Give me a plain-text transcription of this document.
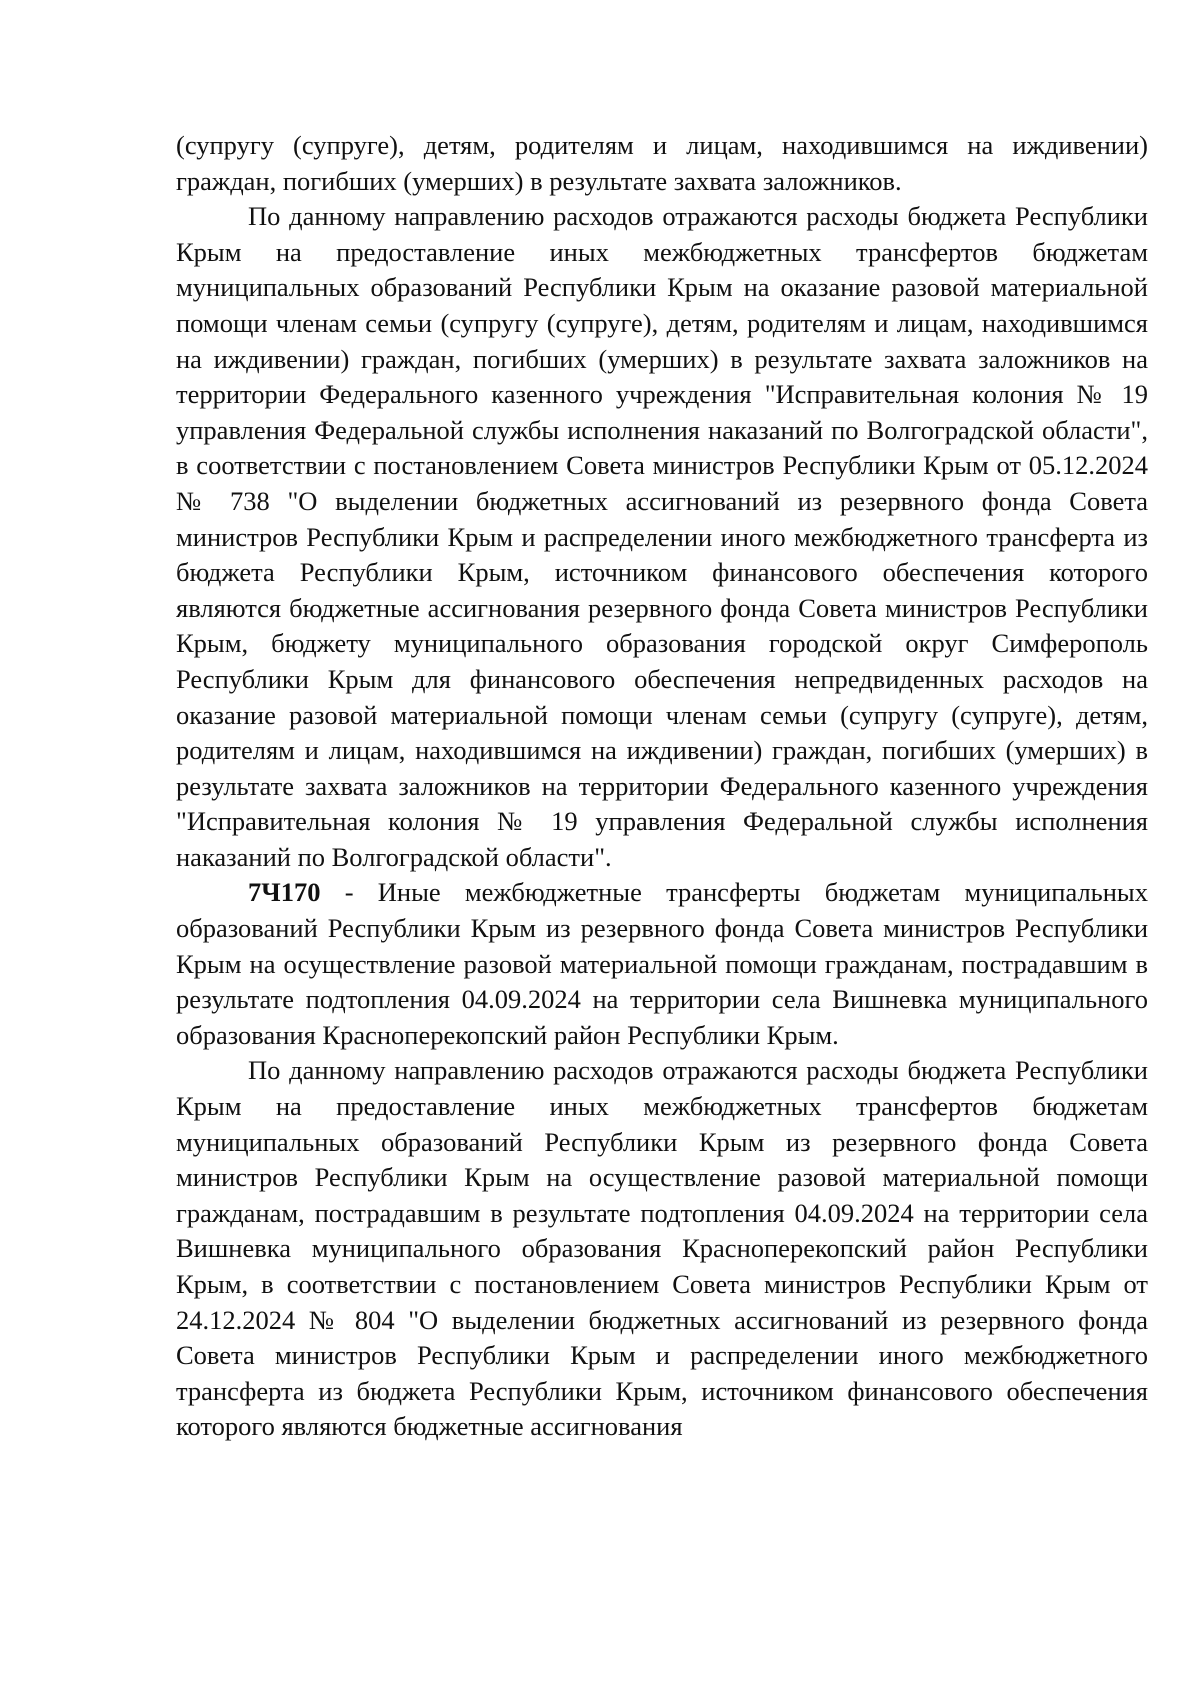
(супругу (супруге), детям, родителям и лицам, находившимся на иждивении) граждан, погибших (умерших) в результате захвата заложников.

По данному направлению расходов отражаются расходы бюджета Республики Крым на предоставление иных межбюджетных трансфертов бюджетам муниципальных образований Республики Крым на оказание разовой материальной помощи членам семьи (супругу (супруге), детям, родителям и лицам, находившимся на иждивении) граждан, погибших (умерших) в результате захвата заложников на территории Федерального казенного учреждения "Исправительная колония № 19 управления Федеральной службы исполнения наказаний по Волгоградской области", в соответствии с постановлением Совета министров Республики Крым от 05.12.2024 № 738 "О выделении бюджетных ассигнований из резервного фонда Совета министров Республики Крым и распределении иного межбюджетного трансферта из бюджета Республики Крым, источником финансового обеспечения которого являются бюджетные ассигнования резервного фонда Совета министров Республики Крым, бюджету муниципального образования городской округ Симферополь Республики Крым для финансового обеспечения непредвиденных расходов на оказание разовой материальной помощи членам семьи (супругу (супруге), детям, родителям и лицам, находившимся на иждивении) граждан, погибших (умерших) в результате захвата заложников на территории Федерального казенного учреждения "Исправительная колония № 19 управления Федеральной службы исполнения наказаний по Волгоградской области".

7Ч170 - Иные межбюджетные трансферты бюджетам муниципальных образований Республики Крым из резервного фонда Совета министров Республики Крым на осуществление разовой материальной помощи гражданам, пострадавшим в результате подтопления 04.09.2024 на территории села Вишневка муниципального образования Красноперекопский район Республики Крым.

По данному направлению расходов отражаются расходы бюджета Республики Крым на предоставление иных межбюджетных трансфертов бюджетам муниципальных образований Республики Крым из резервного фонда Совета министров Республики Крым на осуществление разовой материальной помощи гражданам, пострадавшим в результате подтопления 04.09.2024 на территории села Вишневка муниципального образования Красноперекопский район Республики Крым, в соответствии с постановлением Совета министров Республики Крым от 24.12.2024 № 804 "О выделении бюджетных ассигнований из резервного фонда Совета министров Республики Крым и распределении иного межбюджетного трансферта из бюджета Республики Крым, источником финансового обеспечения которого являются бюджетные ассигнования
